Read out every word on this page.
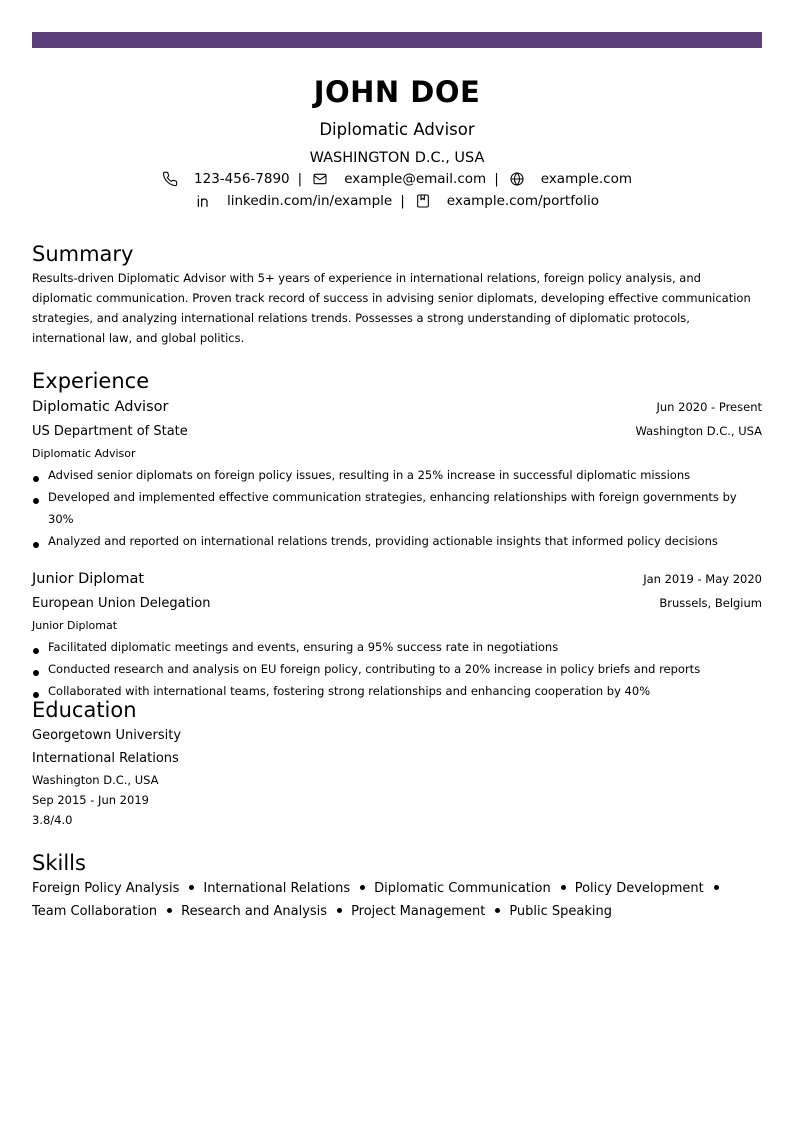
JOHN DOE
Diplomatic Advisor
WASHINGTON D.C., USA
123-456-7890 |	example@email.com |	example.com
linkedin.com/in/example |	example.com/portfolio
Summary

Results-driven Diplomatic Advisor with 5+ years of experience in international relations, foreign policy analysis, and diplomatic communication. Proven track record of success in advising senior diplomats, developing effective communication strategies, and analyzing international relations trends. Possesses a strong understanding of diplomatic protocols, international law, and global politics.

Experience
Diplomatic Advisor	Jun 2020 - Present
US Department of State	Washington D.C., USA
Diplomatic Advisor
Advised senior diplomats on foreign policy issues, resulting in a 25% increase in successful diplomatic missions
Developed and implemented effective communication strategies, enhancing relationships with foreign governments by 30%
Analyzed and reported on international relations trends, providing actionable insights that informed policy decisions
Junior Diplomat	Jan 2019 - May 2020
European Union Delegation	Brussels, Belgium
Junior Diplomat
Facilitated diplomatic meetings and events, ensuring a 95% success rate in negotiations
Conducted research and analysis on EU foreign policy, contributing to a 20% increase in policy briefs and reports
Collaborated with international teams, fostering strong relationships and enhancing cooperation by 40%
Education
Georgetown University
International Relations
Washington D.C., USA
Sep 2015 - Jun 2019
3.8/4.0
Skills
Foreign Policy Analysis International Relations Diplomatic Communication Policy Development
Team Collaboration Research and Analysis Project Management Public Speaking
